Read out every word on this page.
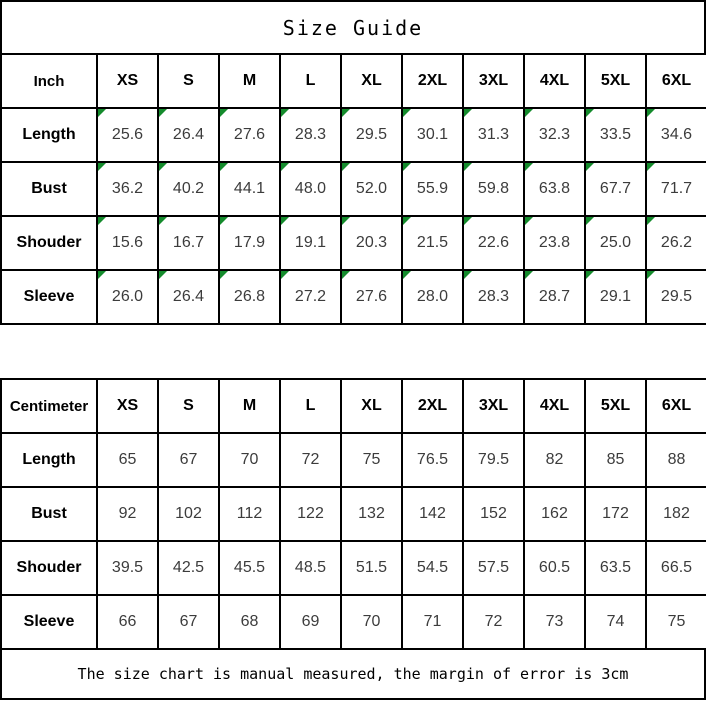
Size Guide
Inch	XS	S	M	L	XL	2XL	3XL	4XL	5XL	6XL
Length	25.6	26.4	27.6	28.3	29.5	30.1	31.3	32.3	33.5	34.6
Bust	36.2	40.2	44.1	48.0	52.0	55.9	59.8	63.8	67.7	71.7
Shouder	15.6	16.7	17.9	19.1	20.3	21.5	22.6	23.8	25.0	26.2
Sleeve	26.0	26.4	26.8	27.2	27.6	28.0	28.3	28.7	29.1	29.5
Centimeter	XS	S	M	L	XL	2XL	3XL	4XL	5XL	6XL
Length	65	67	70	72	75	76.5	79.5	82	85	88
Bust	92	102	112	122	132	142	152	162	172	182
Shouder	39.5	42.5	45.5	48.5	51.5	54.5	57.5	60.5	63.5	66.5
Sleeve	66	67	68	69	70	71	72	73	74	75
The size chart is manual measured, the margin of error is 3cm
